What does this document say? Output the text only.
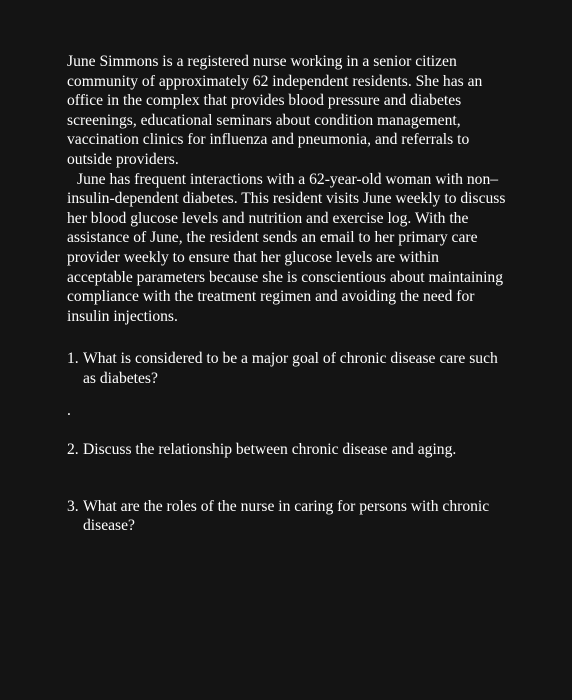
June Simmons is a registered nurse working in a senior citizen community of approximately 62 independent residents. She has an office in the complex that provides blood pressure and diabetes screenings, educational seminars about condition management, vaccination clinics for influenza and pneumonia, and referrals to outside providers.

June has frequent interactions with a 62-year-old woman with non–insulin-dependent diabetes. This resident visits June weekly to discuss her blood glucose levels and nutrition and exercise log. With the assistance of June, the resident sends an email to her primary care provider weekly to ensure that her glucose levels are within acceptable parameters because she is conscientious about maintaining compliance with the treatment regimen and avoiding the need for insulin injections.

1. What is considered to be a major goal of chronic disease care such as diabetes?

.

2. Discuss the relationship between chronic disease and aging.
3. What are the roles of the nurse in caring for persons with chronic disease?
